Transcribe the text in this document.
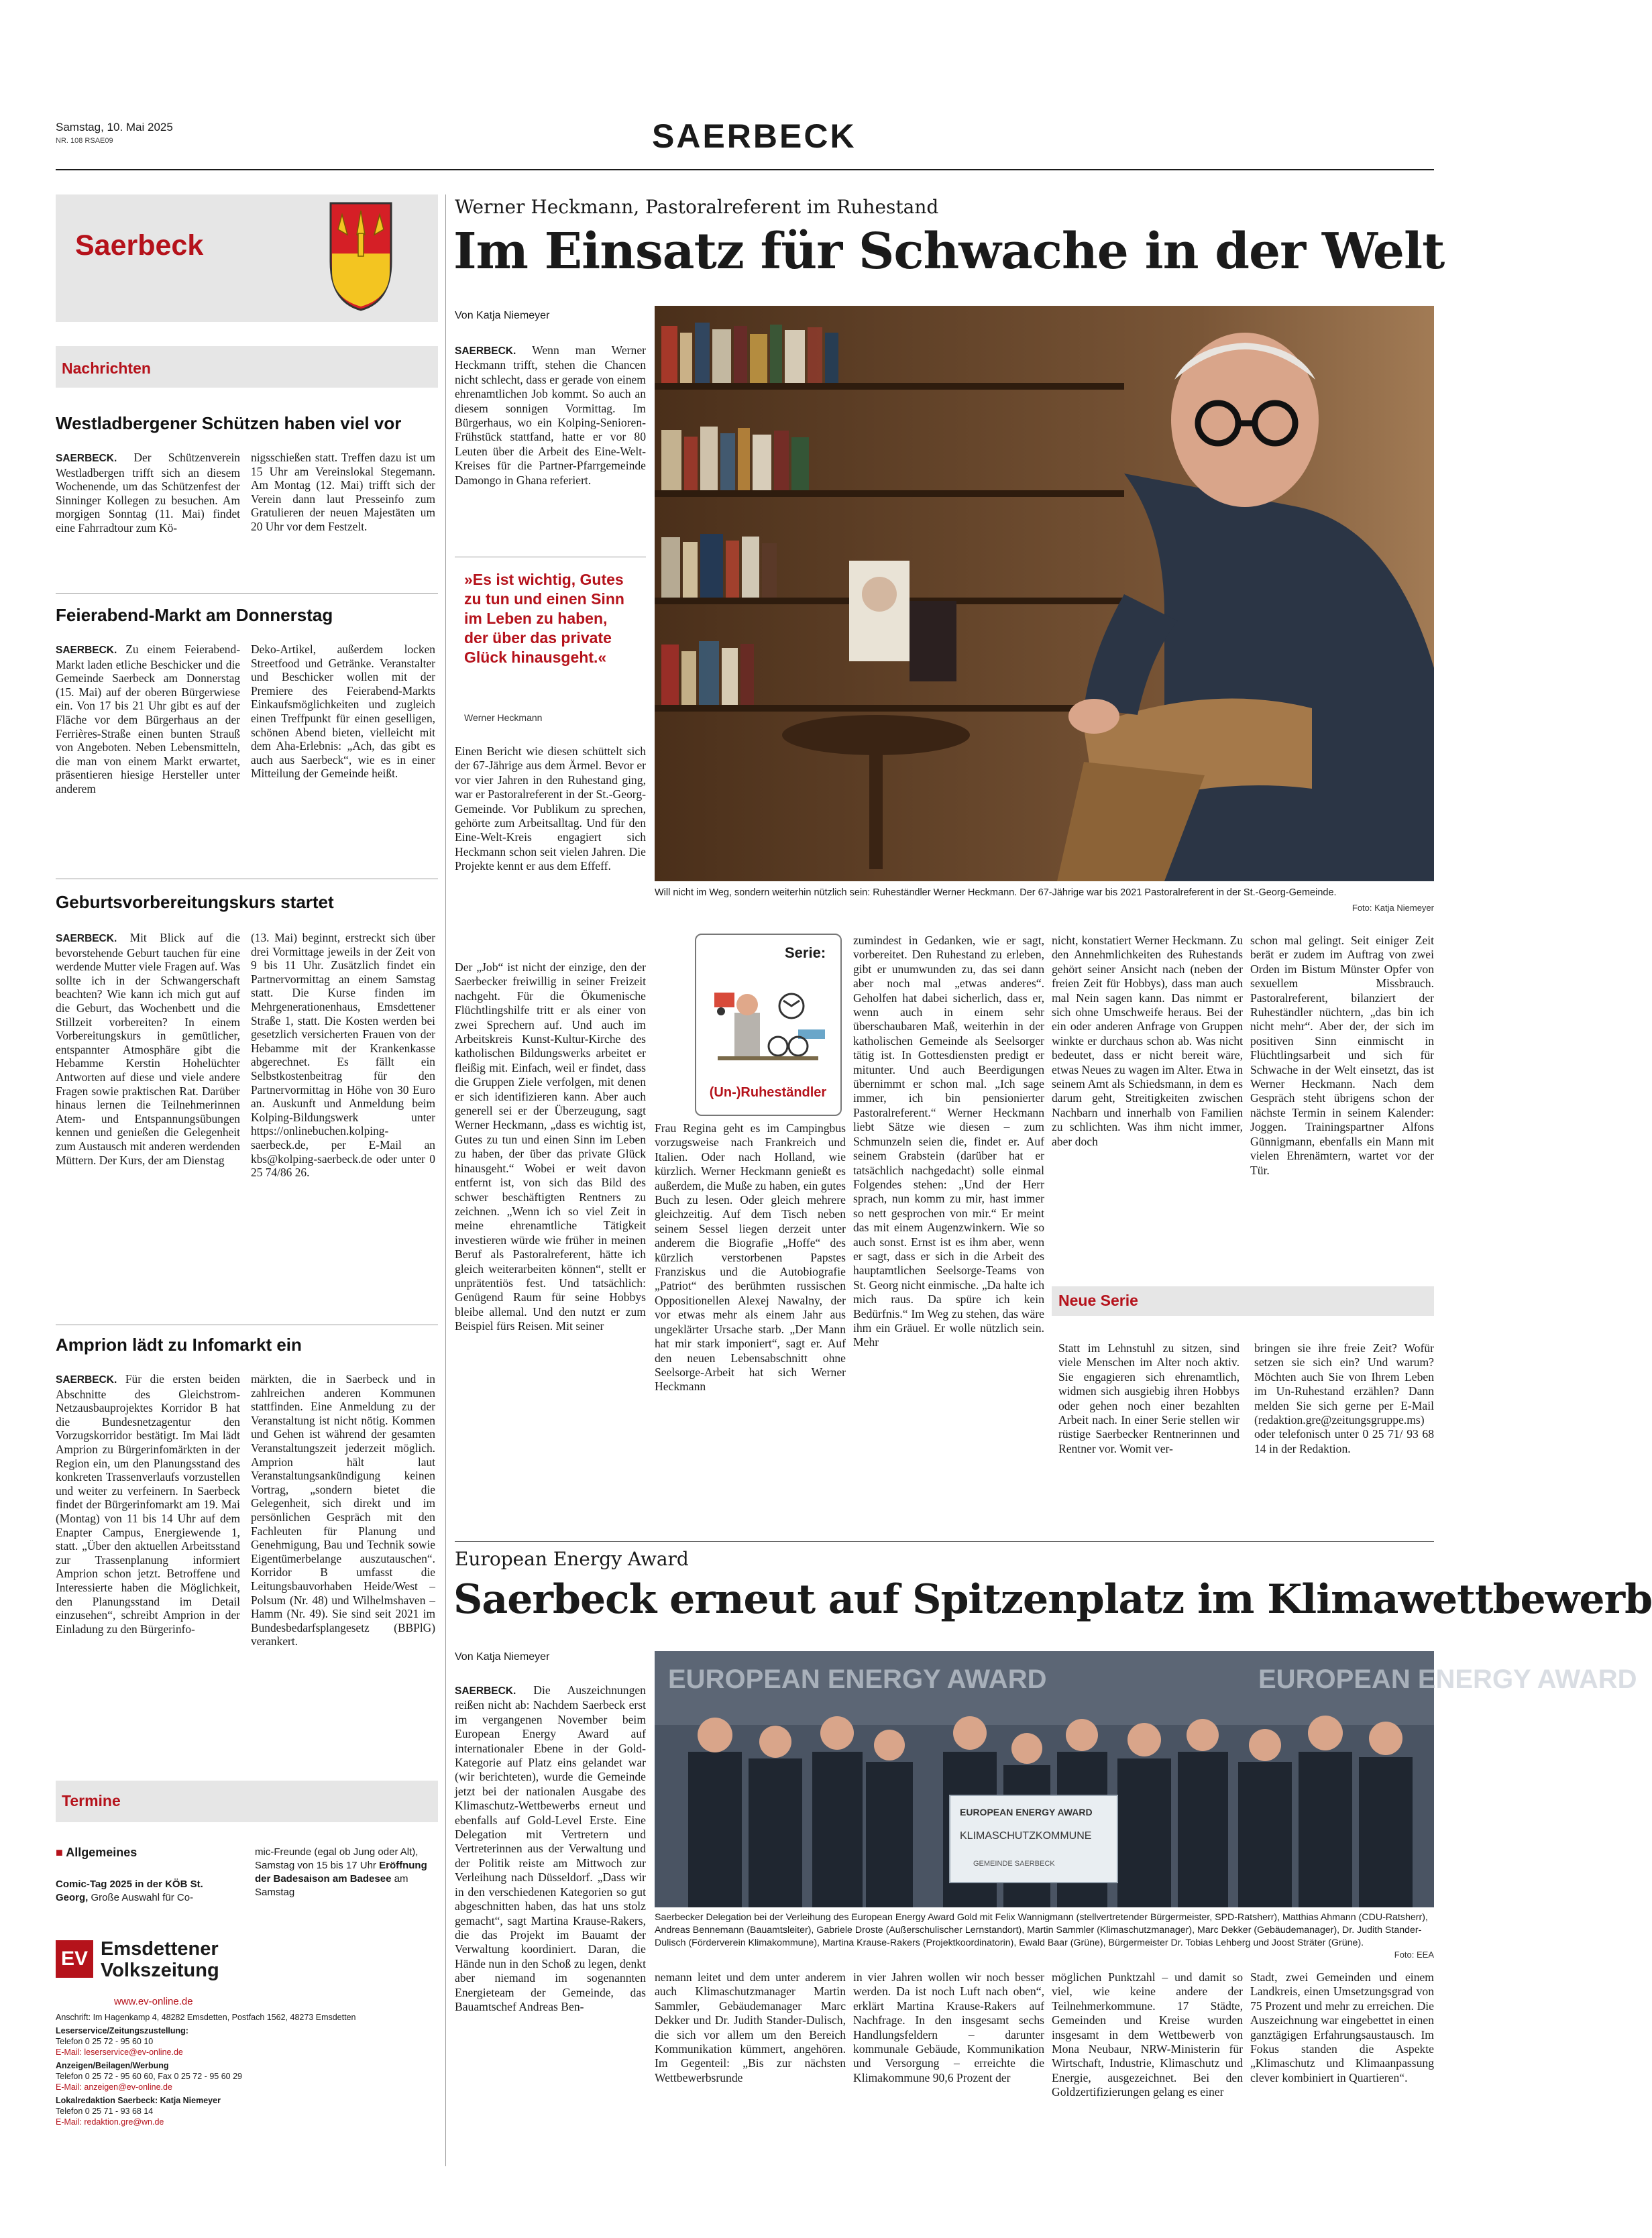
Samstag, 10. Mai 2025
NR. 108 RSAE09	SAERBECK
Saerbeck
Nachrichten
Westladbergener Schützen haben viel vor
SAERBECK. Der Schützenverein Westladbergen trifft sich an diesem Wochenende, um das Schützenfest der Sinninger Kollegen zu besuchen. Am morgigen Sonntag (11. Mai) findet eine Fahrradtour zum Kö-
nigsschießen statt. Treffen dazu ist um 15 Uhr am Vereinslokal Stegemann. Am Montag (12. Mai) trifft sich der Verein dann laut Presseinfo zum Gratulieren der neuen Majestäten um 20 Uhr vor dem Festzelt.
Feierabend-Markt am Donnerstag
SAERBECK. Zu einem Feierabend-Markt laden etliche Beschicker und die Gemeinde Saerbeck am Donnerstag (15. Mai) auf der oberen Bürgerwiese ein. Von 17 bis 21 Uhr gibt es auf der Fläche vor dem Bürgerhaus an der Ferrières-Straße einen bunten Strauß von Angeboten. Neben Lebensmitteln, die man von einem Markt erwartet, präsentieren hiesige Hersteller unter anderem
Deko-Artikel, außerdem locken Streetfood und Getränke. Veranstalter und Beschicker wollen mit der Premiere des Feierabend-Markts Einkaufsmöglichkeiten und zugleich einen Treffpunkt für einen geselligen, schönen Abend bieten, vielleicht mit dem Aha-Erlebnis: „Ach, das gibt es auch aus Saerbeck“, wie es in einer Mitteilung der Gemeinde heißt.
Geburtsvorbereitungskurs startet
SAERBECK. Mit Blick auf die bevorstehende Geburt tauchen für eine werdende Mutter viele Fragen auf. Was sollte ich in der Schwangerschaft beachten? Wie kann ich mich gut auf die Geburt, das Wochenbett und die Stillzeit vorbereiten? In einem Vorbereitungskurs in gemütlicher, entspannter Atmosphäre gibt die Hebamme Kerstin Hohelüchter Antworten auf diese und viele andere Fragen sowie praktischen Rat. Darüber hinaus lernen die Teilnehmerinnen Atem- und Entspannungsübungen kennen und genießen die Gelegenheit zum Austausch mit anderen werdenden Müttern. Der Kurs, der am Dienstag
(13. Mai) beginnt, erstreckt sich über drei Vormittage jeweils in der Zeit von 9 bis 11 Uhr. Zusätzlich findet ein Partnervormittag an einem Samstag statt. Die Kurse finden im Mehrgenerationenhaus, Emsdettener Straße 1, statt. Die Kosten werden bei gesetzlich versicherten Frauen von der Hebamme mit der Krankenkasse abgerechnet. Es fällt ein Selbstkostenbeitrag für den Partnervormittag in Höhe von 30 Euro an. Auskunft und Anmeldung beim Kolping-Bildungswerk unter https://onlinebuchen.kolping-saerbeck.de, per E-Mail an kbs@kolping-saerbeck.de oder unter 0 25 74/86 26.
Amprion lädt zu Infomarkt ein
SAERBECK. Für die ersten beiden Abschnitte des Gleichstrom-Netzausbauprojektes Korridor B hat die Bundesnetzagentur den Vorzugskorridor bestätigt. Im Mai lädt Amprion zu Bürgerinfomärkten in der Region ein, um den Planungsstand des konkreten Trassenverlaufs vorzustellen und weiter zu verfeinern. In Saerbeck findet der Bürgerinfomarkt am 19. Mai (Montag) von 11 bis 14 Uhr auf dem Enapter Campus, Energiewende 1, statt. „Über den aktuellen Arbeitsstand zur Trassenplanung informiert Amprion schon jetzt. Betroffene und Interessierte haben die Möglichkeit, den Planungsstand im Detail einzusehen“, schreibt Amprion in der Einladung zu den Bürgerinfo-
märkten, die in Saerbeck und in zahlreichen anderen Kommunen stattfinden. Eine Anmeldung zu der Veranstaltung ist nicht nötig. Kommen und Gehen ist während der gesamten Veranstaltungszeit jederzeit möglich. Amprion hält laut Veranstaltungsankündigung keinen Vortrag, „sondern bietet die Gelegenheit, sich direkt und im persönlichen Gespräch mit den Fachleuten für Planung und Genehmigung, Bau und Technik sowie Eigentümerbelange auszutauschen“. Korridor B umfasst die Leitungsbauvorhaben Heide/West – Polsum (Nr. 48) und Wilhelmshaven – Hamm (Nr. 49). Sie sind seit 2021 im Bundesbedarfsplangesetz (BBPlG) verankert.
Termine
■ Allgemeines
Comic-Tag 2025 in der KÖB St. Georg, Große Auswahl für Co-
mic-Freunde (egal ob Jung oder Alt), Samstag von 15 bis 17 Uhr Eröffnung der Badesaison am Badesee am Samstag
EV Emsdettener
Volkszeitung
www.ev-online.de
Anschrift: Im Hagenkamp 4, 48282 Emsdetten, Postfach 1562, 48273 Emsdetten
Leserservice/Zeitungszustellung:
Telefon 0 25 72 - 95 60 10
E-Mail: leserservice@ev-online.de
Anzeigen/Beilagen/Werbung
Telefon 0 25 72 - 95 60 60, Fax 0 25 72 - 95 60 29
E-Mail: anzeigen@ev-online.de
Lokalredaktion Saerbeck: Katja Niemeyer
Telefon 0 25 71 - 93 68 14
E-Mail: redaktion.gre@wn.de
Werner Heckmann, Pastoralreferent im Ruhestand
Im Einsatz für Schwache in der Welt
Von Katja Niemeyer
SAERBECK. Wenn man Werner Heckmann trifft, stehen die Chancen nicht schlecht, dass er gerade von einem ehrenamtlichen Job kommt. So auch an diesem sonnigen Vormittag. Im Bürgerhaus, wo ein Kolping-Senioren-Frühstück stattfand, hatte er vor 80 Leuten über die Arbeit des Eine-Welt-Kreises für die Partner-Pfarrgemeinde Damongo in Ghana referiert.
»Es ist wichtig, Gutes zu tun und einen Sinn im Leben zu haben, der über das private Glück hinausgeht.«
Werner Heckmann
Einen Bericht wie diesen schüttelt sich der 67-Jährige aus dem Ärmel. Bevor er vor vier Jahren in den Ruhestand ging, war er Pastoralreferent in der St.-Georg-Gemeinde. Vor Publikum zu sprechen, gehörte zum Arbeitsalltag. Und für den Eine-Welt-Kreis engagiert sich Heckmann schon seit vielen Jahren. Die Projekte kennt er aus dem Effeff.
Will nicht im Weg, sondern weiterhin nützlich sein: Ruheständler Werner Heckmann. Der 67-Jährige war bis 2021 Pastoralreferent in der St.-Georg-Gemeinde.
Foto: Katja Niemeyer
Der „Job“ ist nicht der einzige, den der Saerbecker freiwillig in seiner Freizeit nachgeht. Für die Ökumenische Flüchtlingshilfe tritt er als einer von zwei Sprechern auf. Und auch im Arbeitskreis Kunst-Kultur-Kirche des katholischen Bildungswerks arbeitet er fleißig mit. Einfach, weil er findet, dass die Gruppen Ziele verfolgen, mit denen er sich identifizieren kann. Aber auch generell sei er der Überzeugung, sagt Werner Heckmann, „dass es wichtig ist, Gutes zu tun und einen Sinn im Leben zu haben, der über das private Glück hinausgeht.“ Wobei er weit davon entfernt ist, von sich das Bild des schwer beschäftigten Rentners zu zeichnen. „Wenn ich so viel Zeit in meine ehrenamtliche Tätigkeit investieren würde wie früher in meinen Beruf als Pastoralreferent, hätte ich gleich weiterarbeiten können“, stellt er unprätentiös fest. Und tatsächlich: Genügend Raum für seine Hobbys bleibe allemal. Und den nutzt er zum Beispiel fürs Reisen. Mit seiner
Serie:
(Un-)Ruheständler
Frau Regina geht es im Campingbus vorzugsweise nach Frankreich und Italien. Oder nach Holland, wie kürzlich. Werner Heckmann genießt es außerdem, die Muße zu haben, ein gutes Buch zu lesen. Oder gleich mehrere gleichzeitig. Auf dem Tisch neben seinem Sessel liegen derzeit unter anderem die Biografie „Hoffe“ des kürzlich verstorbenen Papstes Franziskus und die Autobiografie „Patriot“ des berühmten russischen Oppositionellen Alexej Nawalny, der vor etwas mehr als einem Jahr aus ungeklärter Ursache starb. „Der Mann hat mir stark imponiert“, sagt er. Auf den neuen Lebensabschnitt ohne Seelsorge-Arbeit hat sich Werner Heckmann
zumindest in Gedanken, wie er sagt, vorbereitet. Den Ruhestand zu erleben, gibt er unumwunden zu, das sei dann aber noch mal „etwas anderes“. Geholfen hat dabei sicherlich, dass er, wenn auch in einem sehr überschaubaren Maß, weiterhin in der katholischen Gemeinde als Seelsorger tätig ist. In Gottesdiensten predigt er mitunter. Und auch Beerdigungen übernimmt er schon mal. „Ich sage immer, ich bin pensionierter Pastoralreferent.“ Werner Heckmann liebt Sätze wie diesen – zum Schmunzeln seien die, findet er. Auf seinem Grabstein (darüber hat er tatsächlich nachgedacht) solle einmal Folgendes stehen: „Und der Herr sprach, nun komm zu mir, hast immer so nett gesprochen von mir.“ Er meint das mit einem Augenzwinkern. Wie so auch sonst. Ernst ist es ihm aber, wenn er sagt, dass er sich in die Arbeit des hauptamtlichen Seelsorge-Teams von St. Georg nicht einmische. „Da halte ich mich raus. Da spüre ich kein Bedürfnis.“ Im Weg zu stehen, das wäre ihm ein Gräuel. Er wolle nützlich sein. Mehr
nicht, konstatiert Werner Heckmann. Zu den Annehmlichkeiten des Ruhestands gehört seiner Ansicht nach (neben der freien Zeit für Hobbys), dass man auch mal Nein sagen kann. Das nimmt er sich ohne Umschweife heraus. Bei der ein oder anderen Anfrage von Gruppen winkte er durchaus schon ab. Was nicht bedeutet, dass er nicht bereit wäre, etwas Neues zu wagen im Alter. Etwa in seinem Amt als Schiedsmann, in dem es darum geht, Streitigkeiten zwischen Nachbarn und innerhalb von Familien zu schlichten. Was ihm nicht immer, aber doch
schon mal gelingt. Seit einiger Zeit berät er zudem im Auftrag von zwei Orden im Bistum Münster Opfer von sexuellem Missbrauch. Pastoralreferent, bilanziert der Ruheständler nüchtern, „das bin ich nicht mehr“. Aber der, der sich im positiven Sinn einmischt in Flüchtlingsarbeit und sich für Schwache in der Welt einsetzt, das ist Werner Heckmann. Nach dem Gespräch steht übrigens schon der nächste Termin in seinem Kalender: Joggen. Trainingspartner Alfons Günnigmann, ebenfalls ein Mann mit vielen Ehrenämtern, wartet vor der Tür.
Neue Serie
Statt im Lehnstuhl zu sitzen, sind viele Menschen im Alter noch aktiv. Sie engagieren sich ehrenamtlich, widmen sich ausgiebig ihren Hobbys oder gehen noch einer bezahlten Arbeit nach. In einer Serie stellen wir rüstige Saerbecker Rentnerinnen und Rentner vor. Womit ver-
bringen sie ihre freie Zeit? Wofür setzen sie sich ein? Und warum? Möchten auch Sie von Ihrem Leben im Un-Ruhestand erzählen? Dann melden Sie sich gerne per E-Mail (redaktion.gre@zeitungsgruppe.ms) oder telefonisch unter 0 25 71/ 93 68 14 in der Redaktion.
European Energy Award
Saerbeck erneut auf Spitzenplatz im Klimawettbewerb
Von Katja Niemeyer
SAERBECK. Die Auszeichnungen reißen nicht ab: Nachdem Saerbeck erst im vergangenen November beim European Energy Award auf internationaler Ebene in der Gold-Kategorie auf Platz eins gelandet war (wir berichteten), wurde die Gemeinde jetzt bei der nationalen Ausgabe des Klimaschutz-Wettbewerbs erneut und ebenfalls auf Gold-Level Erste. Eine Delegation mit Vertretern und Vertreterinnen aus der Verwaltung und der Politik reiste am Mittwoch zur Verleihung nach Düsseldorf. „Dass wir in den verschiedenen Kategorien so gut abgeschnitten haben, das hat uns stolz gemacht“, sagt Martina Krause-Rakers, die das Projekt im Bauamt der Verwaltung koordiniert. Daran, die Hände nun in den Schoß zu legen, denkt aber niemand im sogenannten Energieteam der Gemeinde, das Bauamtschef Andreas Ben-
EUROPEAN ENERGY AWARD	EUROPEAN ENERGY AWARD
EUROPEAN ENERGY AWARD
KLIMASCHUTZKOMMUNE
GEMEINDE SAERBECK
Saerbecker Delegation bei der Verleihung des European Energy Award Gold mit Felix Wannigmann (stellvertretender Bürgermeister, SPD-Ratsherr), Matthias Ahmann (CDU-Ratsherr), Andreas Bennemann (Bauamtsleiter), Gabriele Droste (Außerschulischer Lernstandort), Martin Sammler (Klimaschutzmanager), Marc Dekker (Gebäudemanager), Dr. Judith Stander-Dulisch (Förderverein Klimakommune), Martina Krause-Rakers (Projektkoordinatorin), Ewald Baar (Grüne), Bürgermeister Dr. Tobias Lehberg und Joost Sträter (Grüne).
Foto: EEA
nemann leitet und dem unter anderem auch Klimaschutzmanager Martin Sammler, Gebäudemanager Marc Dekker und Dr. Judith Stander-Dulisch, die sich vor allem um den Bereich Kommunikation kümmert, angehören. Im Gegenteil: „Bis zur nächsten Wettbewerbsrunde
in vier Jahren wollen wir noch besser werden. Da ist noch Luft nach oben“, erklärt Martina Krause-Rakers auf Nachfrage. In den insgesamt sechs Handlungsfeldern – darunter kommunale Gebäude, Kommunikation und Versorgung – erreichte die Klimakommune 90,6 Prozent der
möglichen Punktzahl – und damit so viel, wie keine andere der Teilnehmerkommune. 17 Städte, Gemeinden und Kreise wurden insgesamt in dem Wettbewerb von Mona Neubaur, NRW-Ministerin für Wirtschaft, Industrie, Klimaschutz und Energie, ausgezeichnet. Bei den Goldzertifizierungen gelang es einer
Stadt, zwei Gemeinden und einem Landkreis, einen Umsetzungsgrad von 75 Prozent und mehr zu erreichen. Die Auszeichnung war eingebettet in einen ganztägigen Erfahrungsaustausch. Im Fokus standen die Aspekte „Klimaschutz und Klimaanpassung clever kombiniert in Quartieren“.
